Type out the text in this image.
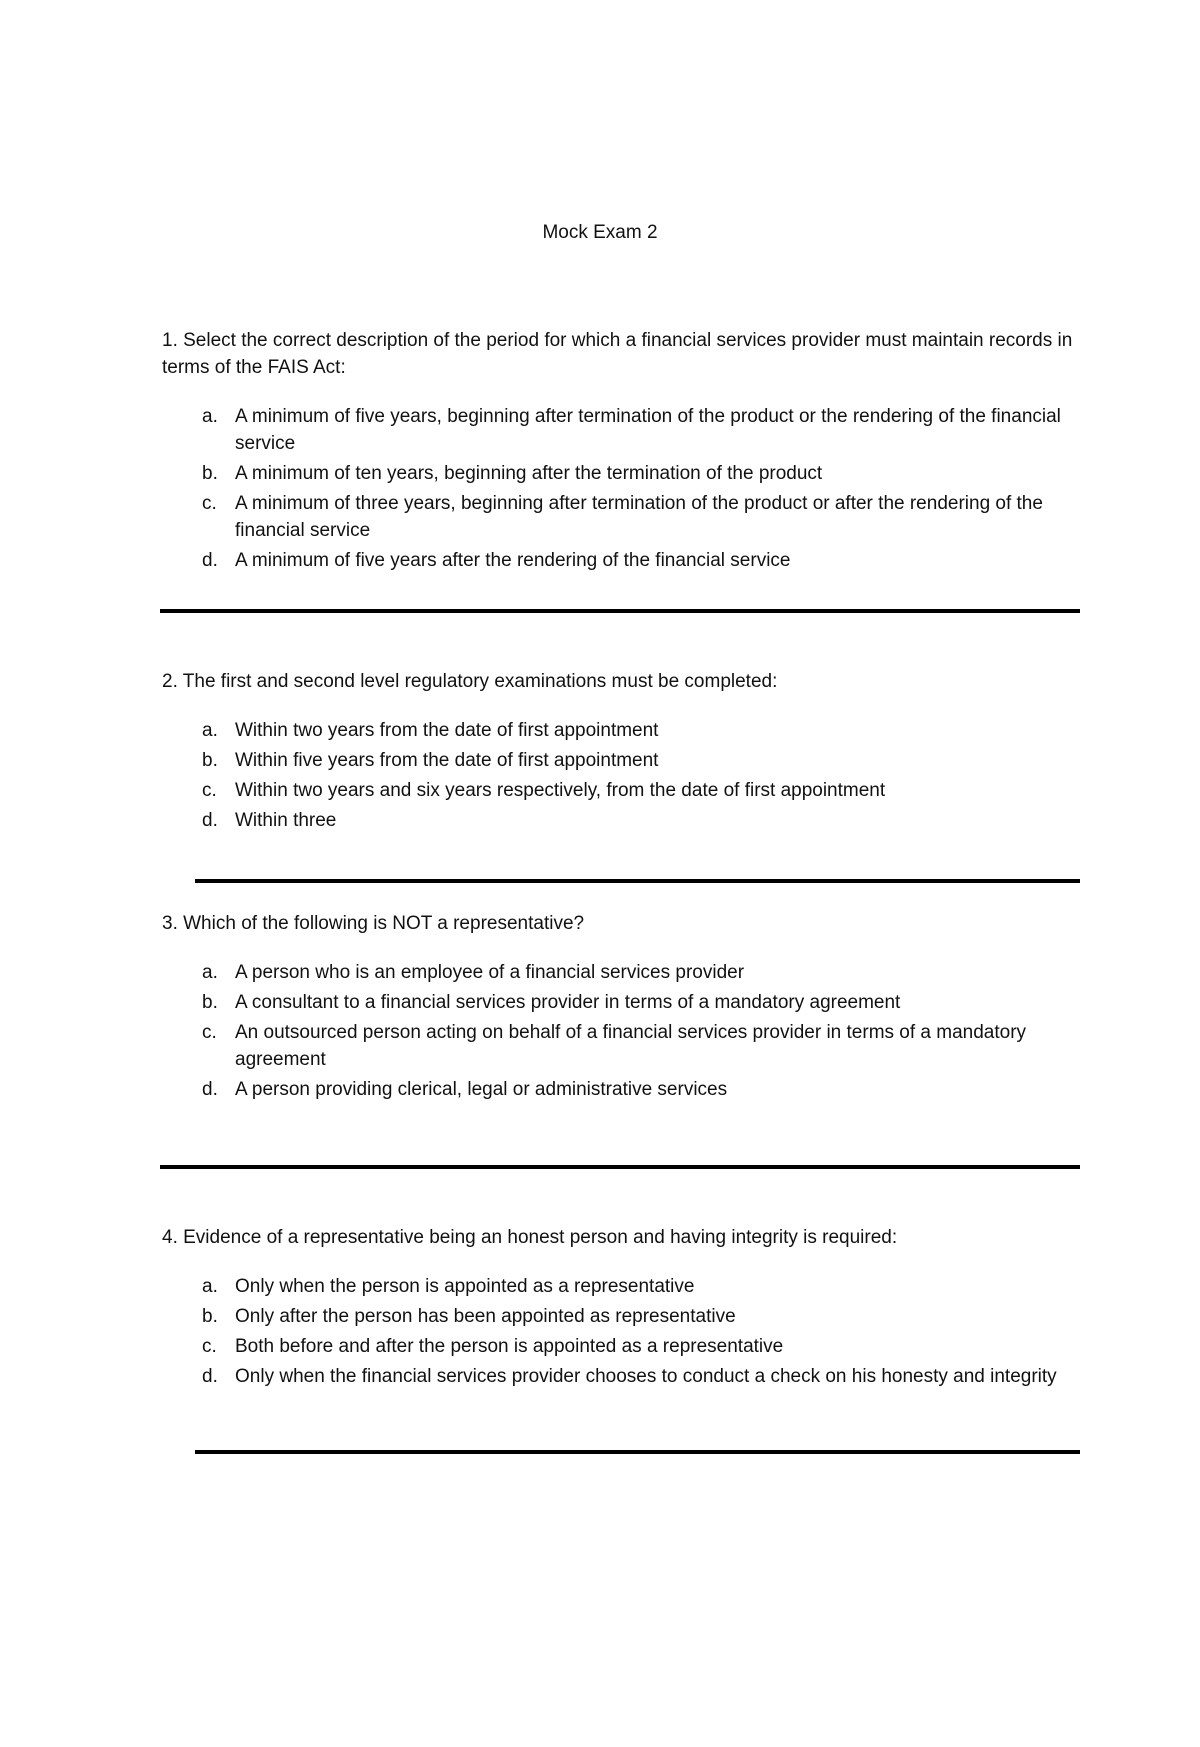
Mock Exam 2

1. Select the correct description of the period for which a financial services provider must maintain records in terms of the FAIS Act:

a. A minimum of five years, beginning after termination of the product or the rendering of the financial service
b. A minimum of ten years, beginning after the termination of the product
c. A minimum of three years, beginning after termination of the product or after the rendering of the financial service
d. A minimum of five years after the rendering of the financial service

2. The first and second level regulatory examinations must be completed:

a. Within two years from the date of first appointment
b. Within five years from the date of first appointment
c. Within two years and six years respectively, from the date of first appointment
d. Within three

3. Which of the following is NOT a representative?

a. A person who is an employee of a financial services provider
b. A consultant to a financial services provider in terms of a mandatory agreement
c. An outsourced person acting on behalf of a financial services provider in terms of a mandatory agreement
d. A person providing clerical, legal or administrative services

4. Evidence of a representative being an honest person and having integrity is required:

a. Only when the person is appointed as a representative
b. Only after the person has been appointed as representative
c. Both before and after the person is appointed as a representative
d. Only when the financial services provider chooses to conduct a check on his honesty and integrity
